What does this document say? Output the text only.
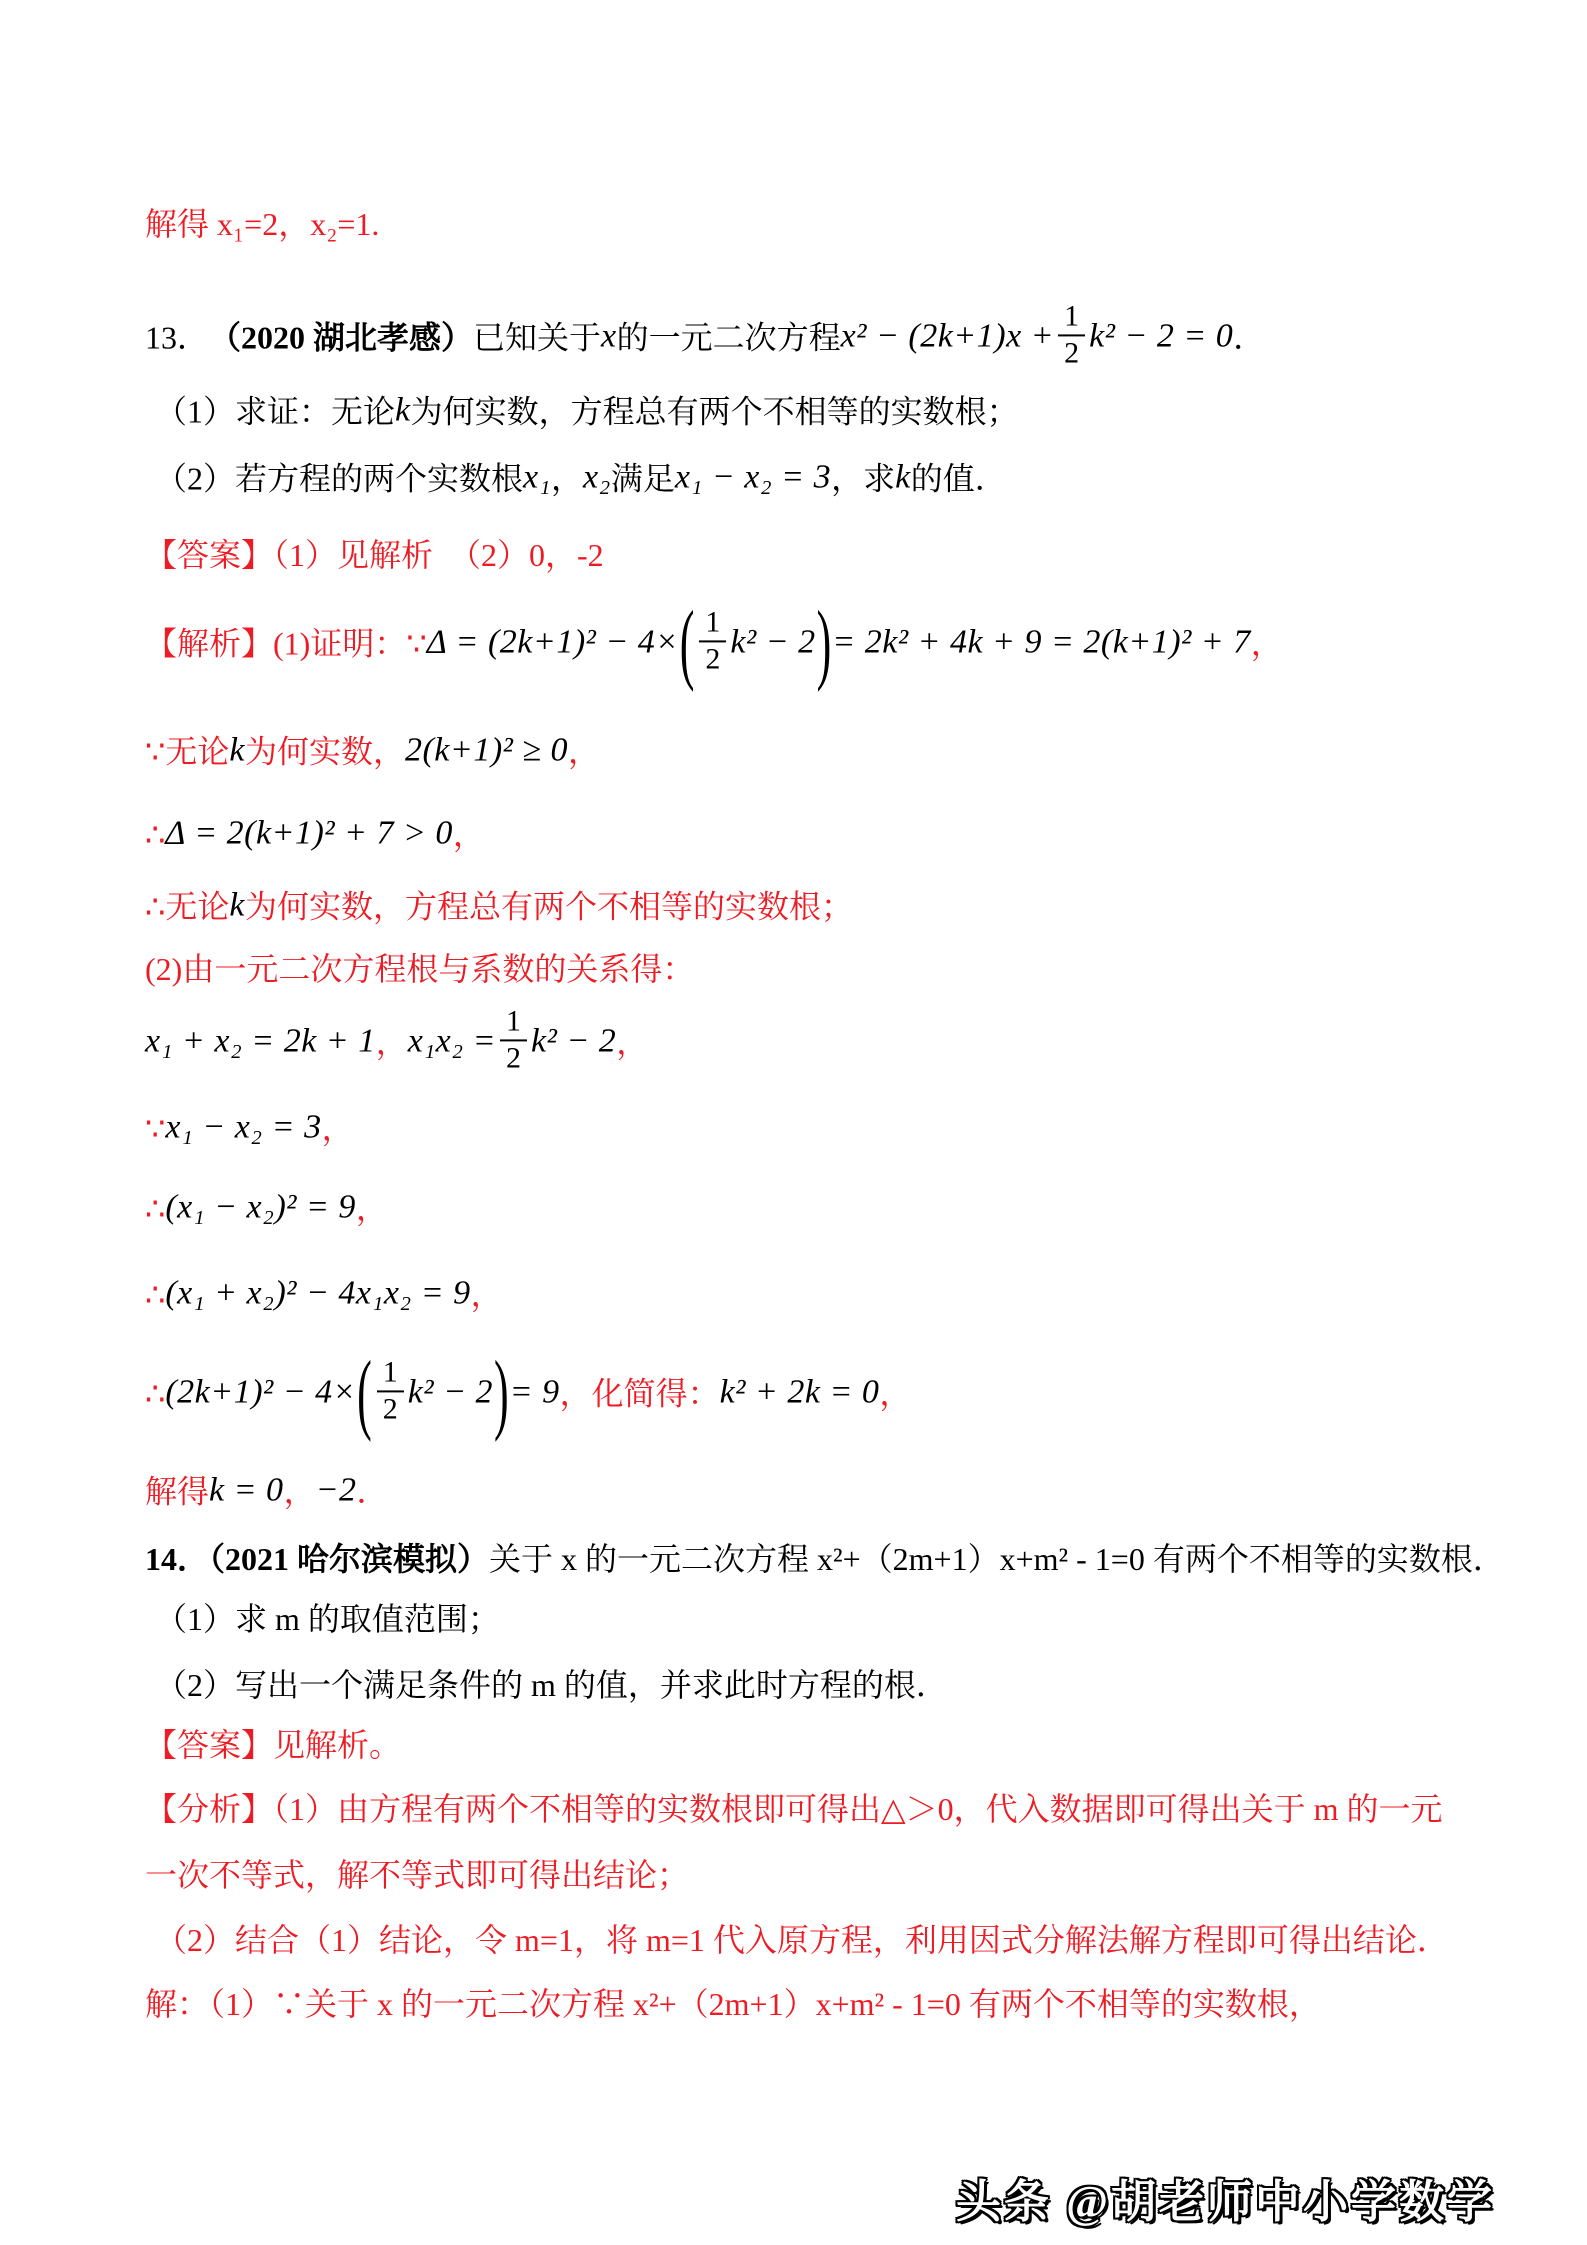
解得 x₁=2，x₂=1.
13．（2020 湖北孝感）已知关于x的一元二次方程$x^2 - (2k+1)x + \frac{1}{2} k^2 - 2 = 0$．
（1）求证：无论k为何实数，方程总有两个不相等的实数根；
（2）若方程的两个实数根x₁，x₂满足x₁ − x₂ = 3，求k的值．
【答案】（1）见解析　（2）0，-2
【解析】(1)证明：∵Δ = $(2k+1)^2 - 4\times( \frac{1}{2} k^2 - 2)= 2k^2 + 4k + 9 = 2(k+1)^2 + 7$，
∵无论k为何实数，2(k+1)² ≥ 0，
∴Δ = 2(k+1)² + 7 > 0，
∴无论k为何实数，方程总有两个不相等的实数根；
(2)由一元二次方程根与系数的关系得：
x₁ + x₂ = 2k + 1，$x_1x_2 = \frac{1}{2} k^2 - 2$，
∵x₁ − x₂ = 3，
∴(x₁ − x₂)² = 9，
∴(x₁ + x₂)² − 4x₁x₂ = 9，
∴(2k+1)² − $4\times( \frac{1}{2} k^2 - 2)= 9$，化简得：k² + 2k = 0，
解得k = 0，−2．
14．（2021 哈尔滨模拟）关于 x 的一元二次方程 x²+（2m+1）x+m² - 1=0 有两个不相等的实数根．
（1）求 m 的取值范围；
（2）写出一个满足条件的 m 的值，并求此时方程的根．
【答案】见解析。
【分析】（1）由方程有两个不相等的实数根即可得出△＞0，代入数据即可得出关于 m 的一元
一次不等式，解不等式即可得出结论；
（2）结合（1）结论，令 m=1，将 m=1 代入原方程，利用因式分解法解方程即可得出结论．
解：（1）∵关于 x 的一元二次方程 x²+（2m+1）x+m² - 1=0 有两个不相等的实数根，
头条 @胡老师中小学数学
